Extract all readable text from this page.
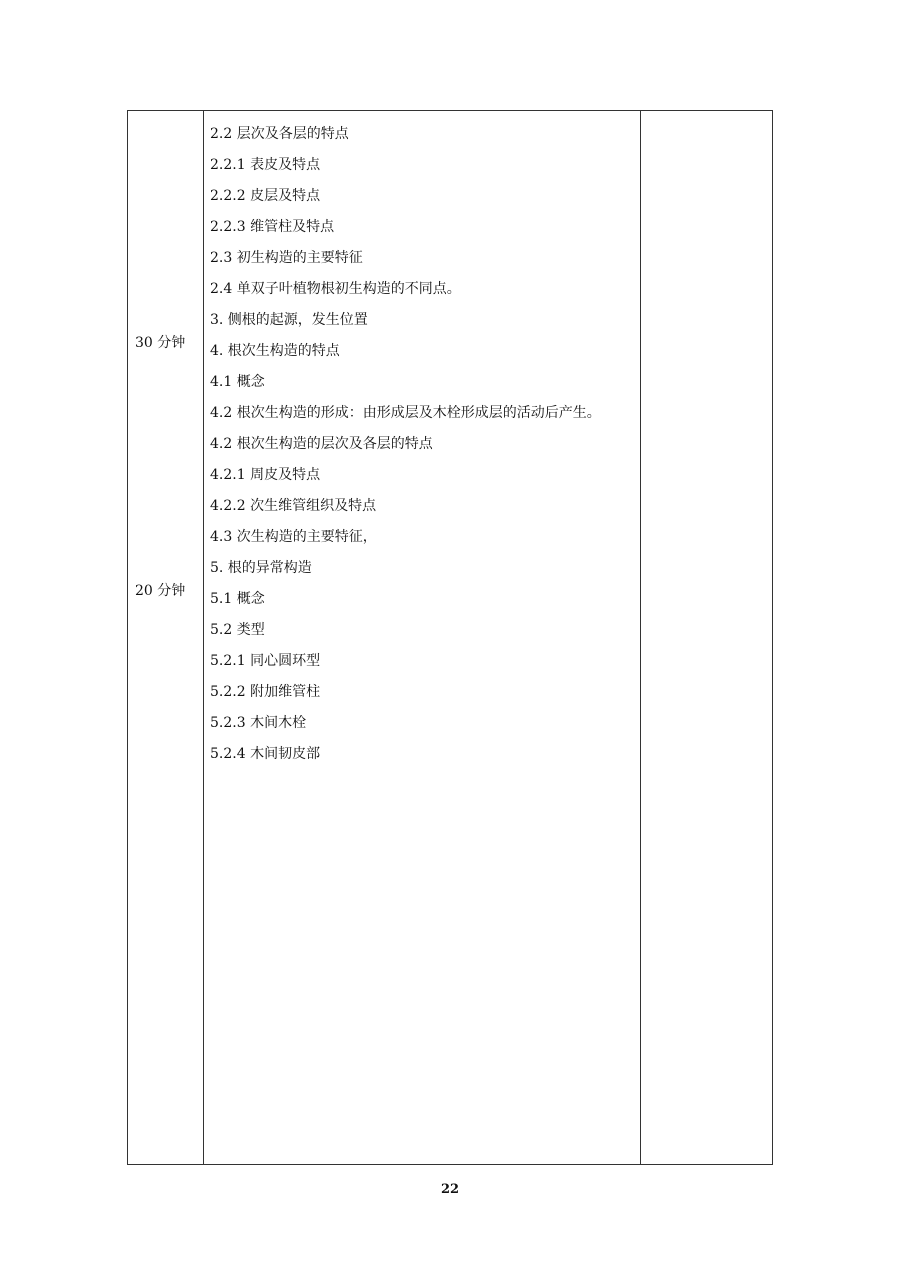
30 分钟
20 分钟
2.2 层次及各层的特点
2.2.1 表皮及特点
2.2.2 皮层及特点
2.2.3 维管柱及特点
2.3 初生构造的主要特征
2.4 单双子叶植物根初生构造的不同点。
3. 侧根的起源，发生位置
4. 根次生构造的特点
4.1 概念
4.2 根次生构造的形成：由形成层及木栓形成层的活动后产生。
4.2 根次生构造的层次及各层的特点
4.2.1 周皮及特点
4.2.2 次生维管组织及特点
4.3 次生构造的主要特征，
5. 根的异常构造
5.1 概念
5.2 类型
5.2.1 同心圆环型
5.2.2 附加维管柱
5.2.3 木间木栓
5.2.4 木间韧皮部
22
